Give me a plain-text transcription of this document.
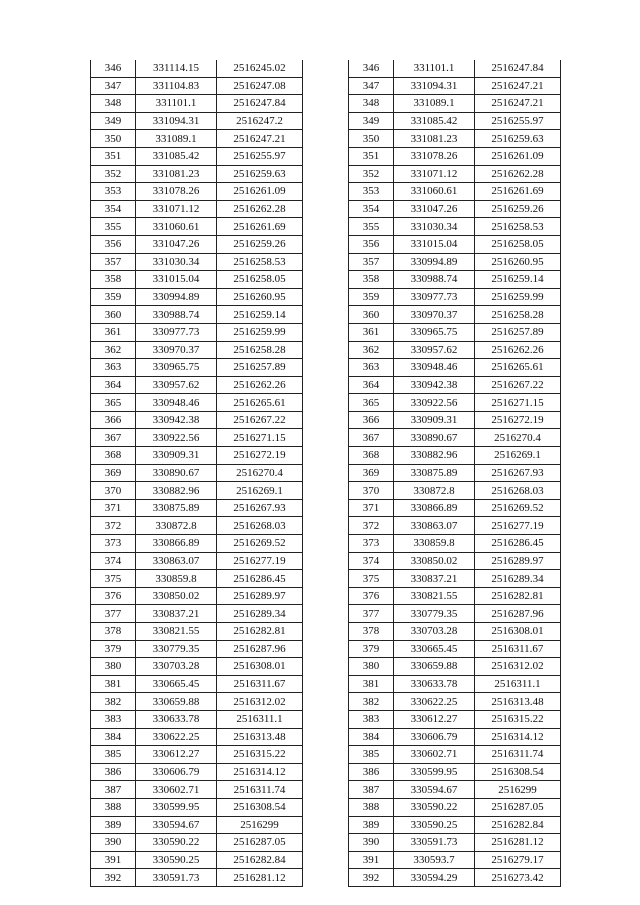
346	331114.15	2516245.02
347	331104.83	2516247.08
348	331101.1	2516247.84
349	331094.31	2516247.2
350	331089.1	2516247.21
351	331085.42	2516255.97
352	331081.23	2516259.63
353	331078.26	2516261.09
354	331071.12	2516262.28
355	331060.61	2516261.69
356	331047.26	2516259.26
357	331030.34	2516258.53
358	331015.04	2516258.05
359	330994.89	2516260.95
360	330988.74	2516259.14
361	330977.73	2516259.99
362	330970.37	2516258.28
363	330965.75	2516257.89
364	330957.62	2516262.26
365	330948.46	2516265.61
366	330942.38	2516267.22
367	330922.56	2516271.15
368	330909.31	2516272.19
369	330890.67	2516270.4
370	330882.96	2516269.1
371	330875.89	2516267.93
372	330872.8	2516268.03
373	330866.89	2516269.52
374	330863.07	2516277.19
375	330859.8	2516286.45
376	330850.02	2516289.97
377	330837.21	2516289.34
378	330821.55	2516282.81
379	330779.35	2516287.96
380	330703.28	2516308.01
381	330665.45	2516311.67
382	330659.88	2516312.02
383	330633.78	2516311.1
384	330622.25	2516313.48
385	330612.27	2516315.22
386	330606.79	2516314.12
387	330602.71	2516311.74
388	330599.95	2516308.54
389	330594.67	2516299
390	330590.22	2516287.05
391	330590.25	2516282.84
392	330591.73	2516281.12
346	331101.1	2516247.84
347	331094.31	2516247.21
348	331089.1	2516247.21
349	331085.42	2516255.97
350	331081.23	2516259.63
351	331078.26	2516261.09
352	331071.12	2516262.28
353	331060.61	2516261.69
354	331047.26	2516259.26
355	331030.34	2516258.53
356	331015.04	2516258.05
357	330994.89	2516260.95
358	330988.74	2516259.14
359	330977.73	2516259.99
360	330970.37	2516258.28
361	330965.75	2516257.89
362	330957.62	2516262.26
363	330948.46	2516265.61
364	330942.38	2516267.22
365	330922.56	2516271.15
366	330909.31	2516272.19
367	330890.67	2516270.4
368	330882.96	2516269.1
369	330875.89	2516267.93
370	330872.8	2516268.03
371	330866.89	2516269.52
372	330863.07	2516277.19
373	330859.8	2516286.45
374	330850.02	2516289.97
375	330837.21	2516289.34
376	330821.55	2516282.81
377	330779.35	2516287.96
378	330703.28	2516308.01
379	330665.45	2516311.67
380	330659.88	2516312.02
381	330633.78	2516311.1
382	330622.25	2516313.48
383	330612.27	2516315.22
384	330606.79	2516314.12
385	330602.71	2516311.74
386	330599.95	2516308.54
387	330594.67	2516299
388	330590.22	2516287.05
389	330590.25	2516282.84
390	330591.73	2516281.12
391	330593.7	2516279.17
392	330594.29	2516273.42
